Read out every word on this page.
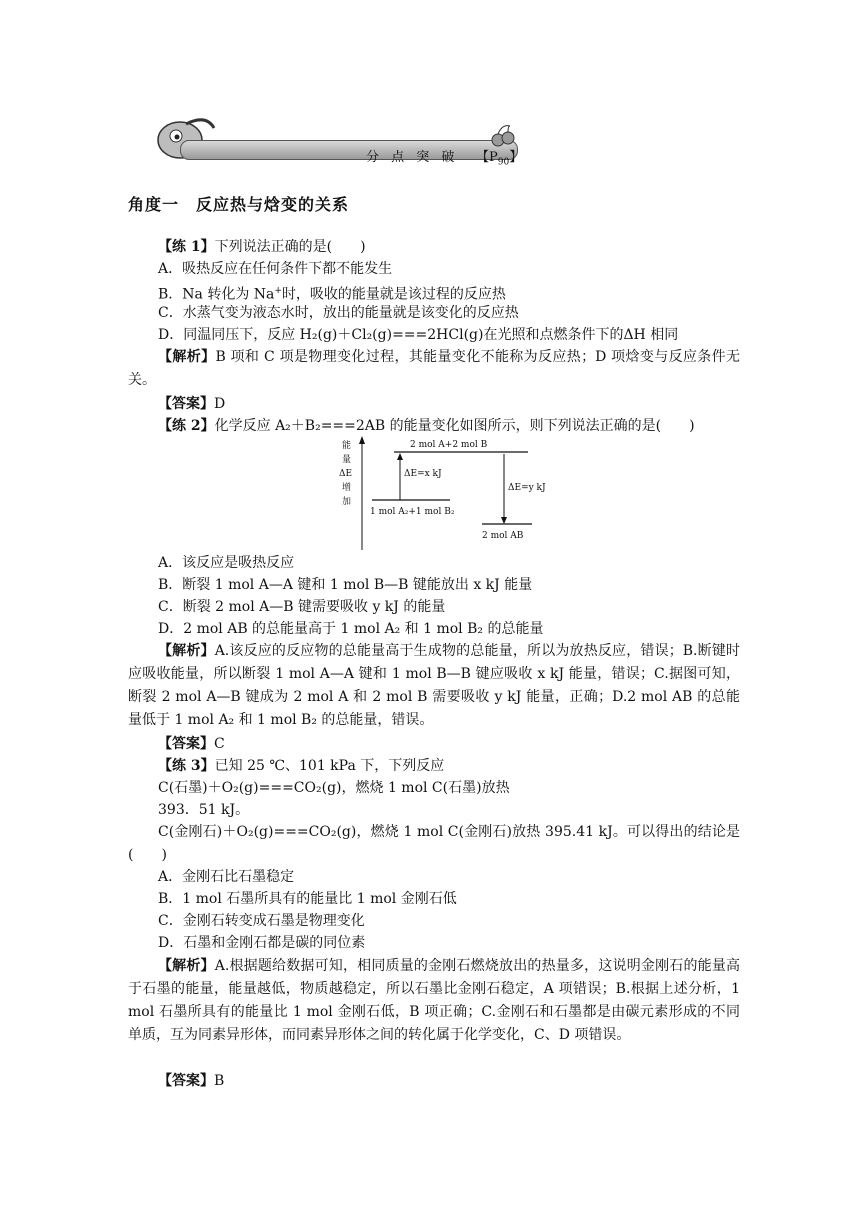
分 点 突 破 【$P_{90}$】
角度一　反应热与焓变的关系
【练 1】下列说法正确的是(　　)
A．吸热反应在任何条件下都不能发生
B．Na 转化为 Na+时，吸收的能量就是该过程的反应热
C．水蒸气变为液态水时，放出的能量就是该变化的反应热
D．同温同压下，反应 H₂(g)＋Cl₂(g)===2HCl(g)在光照和点燃条件下的ΔH 相同
【解析】B 项和 C 项是物理变化过程，其能量变化不能称为反应热；D 项焓变与反应条件无关。
【答案】D
【练 2】化学反应 A₂＋B₂===2AB 的能量变化如图所示，则下列说法正确的是(　　)
能
量
ΔE
增
加
2 mol A+2 mol B
1 mol A₂+1 mol B₂
2 mol AB
ΔE=x kJ
ΔE=y kJ
A．该反应是吸热反应
B．断裂 1 mol A—A 键和 1 mol B—B 键能放出 x kJ 能量
C．断裂 2 mol A—B 键需要吸收 y kJ 的能量
D．2 mol AB 的总能量高于 1 mol A₂ 和 1 mol B₂ 的总能量
【解析】A.该反应的反应物的总能量高于生成物的总能量，所以为放热反应，错误；B.断键时应吸收能量，所以断裂 1 mol A—A 键和 1 mol B—B 键应吸收 x kJ 能量，错误；C.据图可知，断裂 2 mol A—B 键成为 2 mol A 和 2 mol B 需要吸收 y kJ 能量，正确；D.2 mol AB 的总能量低于 1 mol A₂ 和 1 mol B₂ 的总能量，错误。
【答案】C
【练 3】已知 25 ℃、101 kPa 下，下列反应
C(石墨)＋O₂(g)===CO₂(g)，燃烧 1 mol C(石墨)放热
393．51 kJ。
C(金刚石)＋O₂(g)===CO₂(g)，燃烧 1 mol C(金刚石)放热 395.41 kJ。可以得出的结论是(　　)
A．金刚石比石墨稳定
B．1 mol 石墨所具有的能量比 1 mol 金刚石低
C．金刚石转变成石墨是物理变化
D．石墨和金刚石都是碳的同位素
【解析】A.根据题给数据可知，相同质量的金刚石燃烧放出的热量多，这说明金刚石的能量高于石墨的能量，能量越低，物质越稳定，所以石墨比金刚石稳定，A 项错误；B.根据上述分析，1 mol 石墨所具有的能量比 1 mol 金刚石低，B 项正确；C.金刚石和石墨都是由碳元素形成的不同单质，互为同素异形体，而同素异形体之间的转化属于化学变化，C、D 项错误。
【答案】B
